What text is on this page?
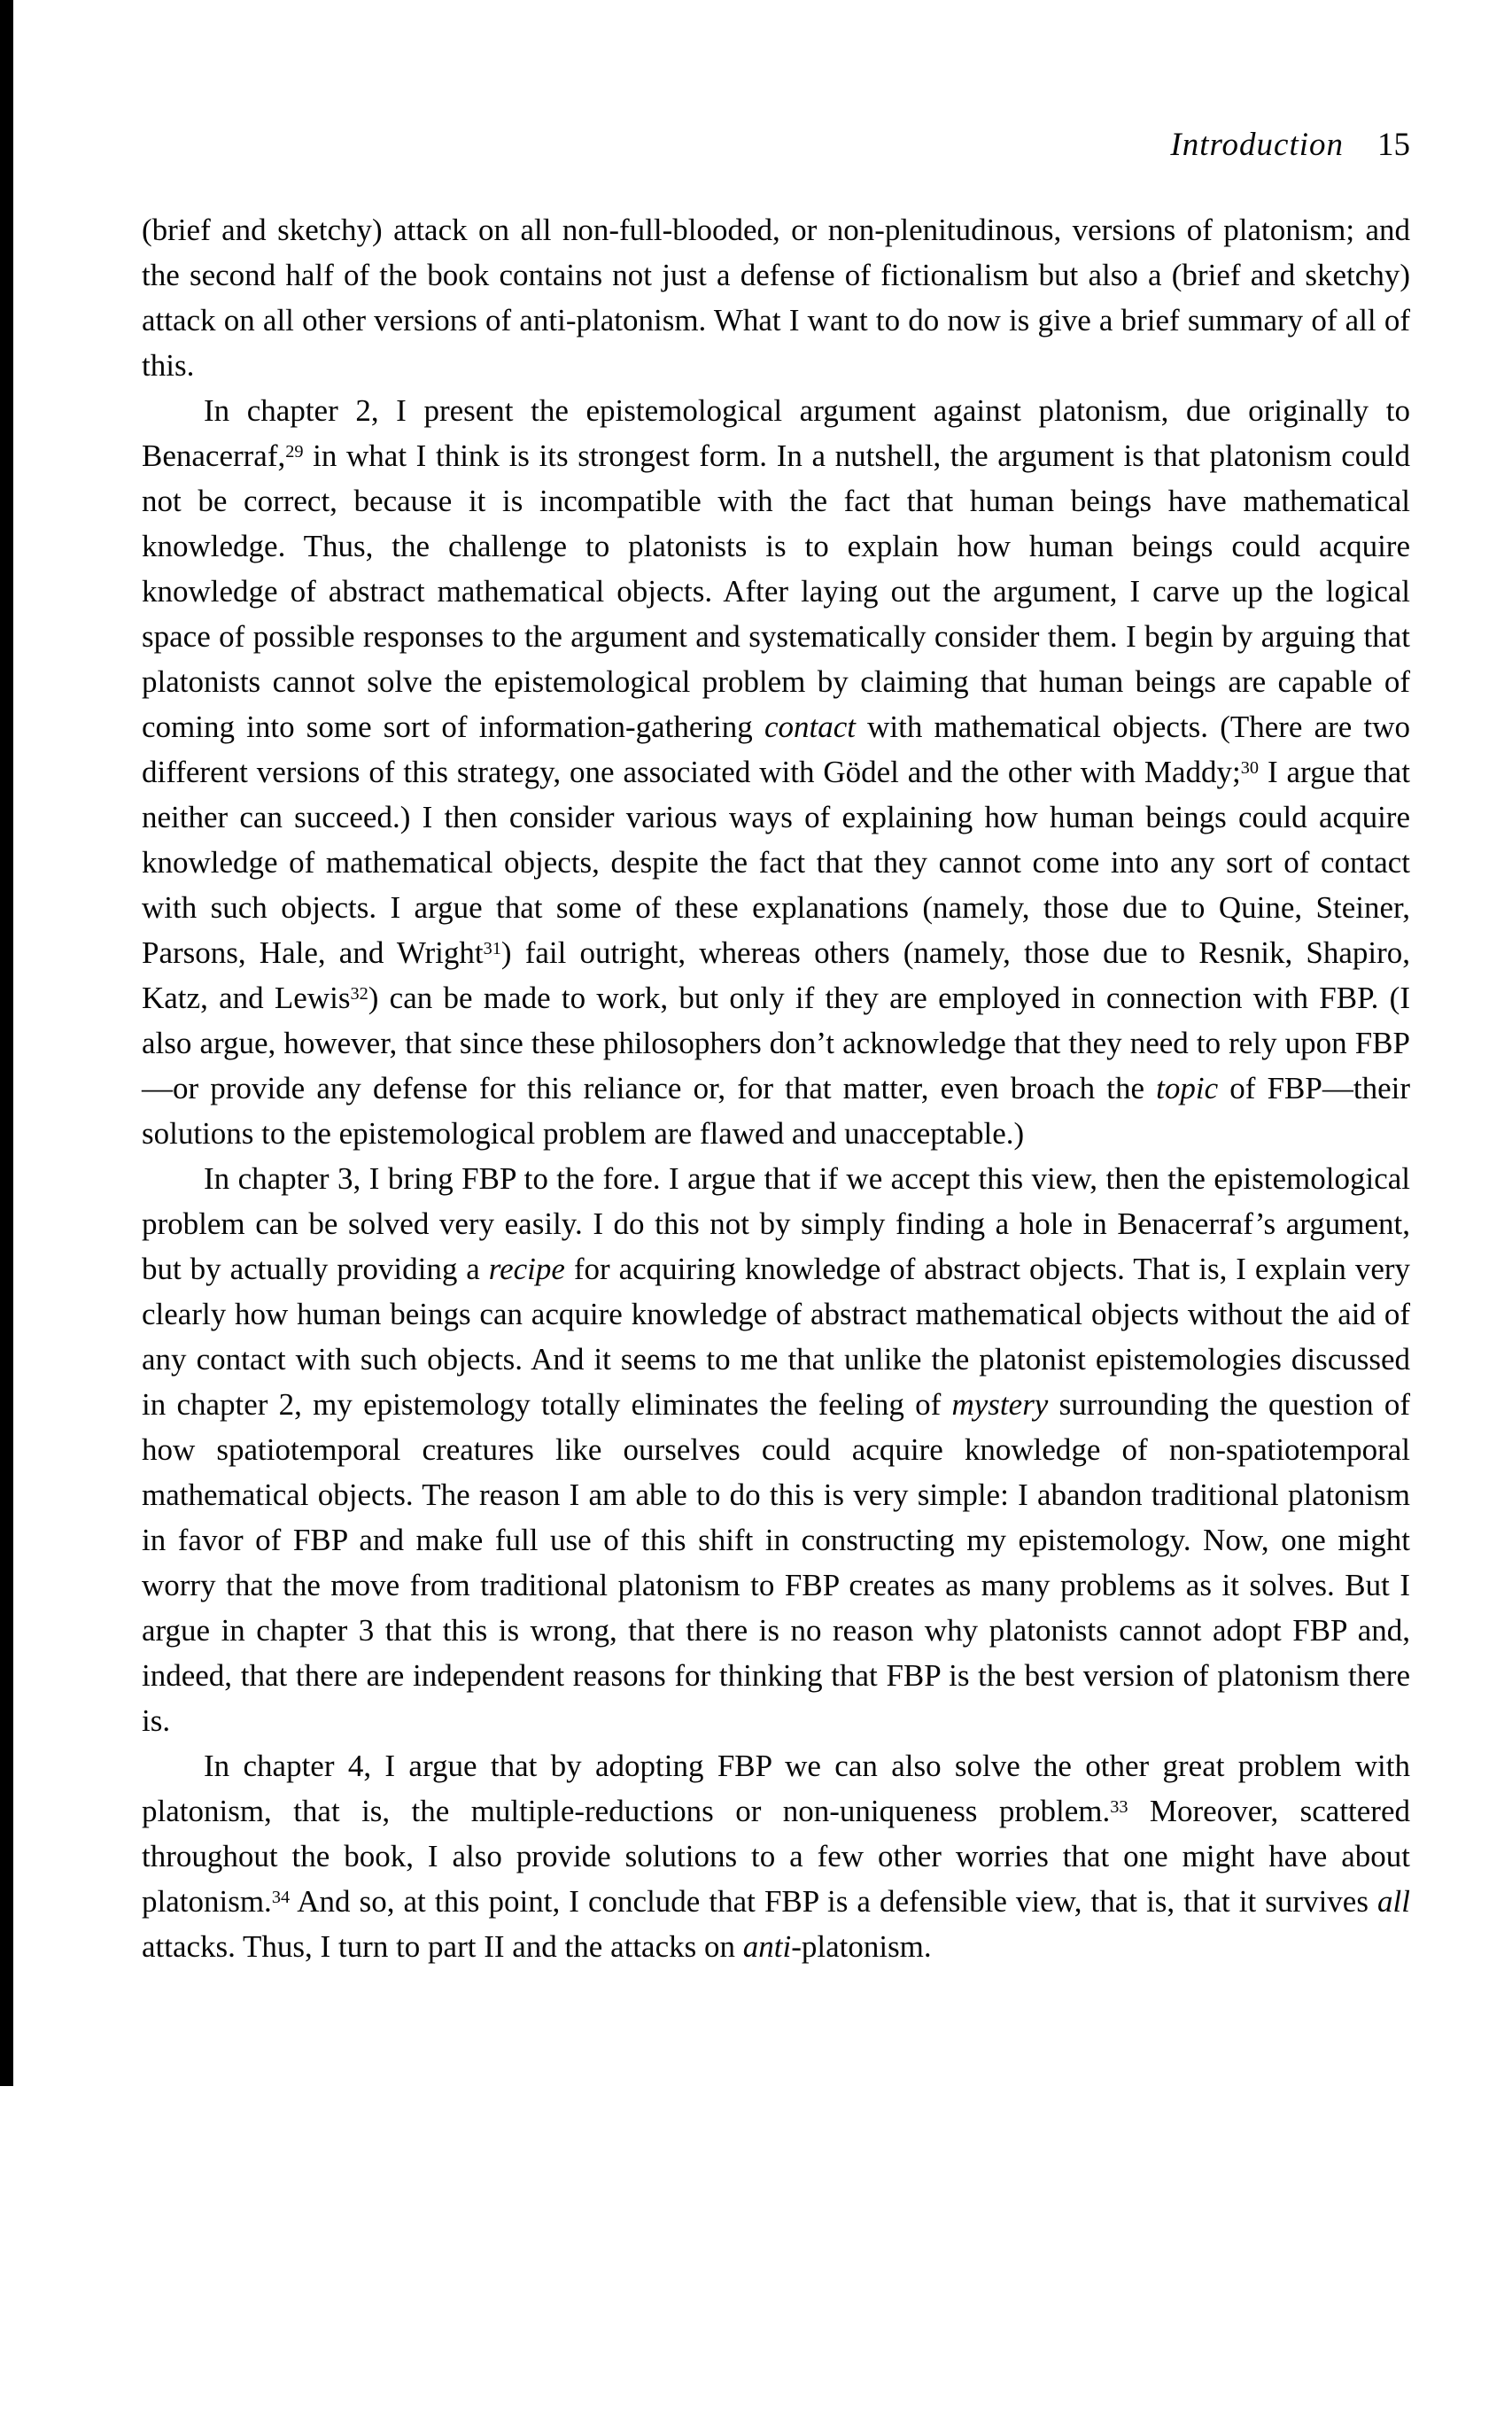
Introduction 15

(brief and sketchy) attack on all non-full-blooded, or non-plenitudinous, versions of platonism; and the second half of the book contains not just a defense of fictionalism but also a (brief and sketchy) attack on all other versions of anti-platonism. What I want to do now is give a brief summary of all of this.

In chapter 2, I present the epistemological argument against platonism, due originally to Benacerraf,$^{29}$ in what I think is its strongest form. In a nutshell, the argument is that platonism could not be correct, because it is incompatible with the fact that human beings have mathematical knowledge. Thus, the challenge to platonists is to explain how human beings could acquire knowledge of abstract mathematical objects. After laying out the argument, I carve up the logical space of possible responses to the argument and systematically consider them. I begin by arguing that platonists cannot solve the epistemological problem by claiming that human beings are capable of coming into some sort of information-gathering contact with mathematical objects. (There are two different versions of this strategy, one associated with Gödel and the other with Maddy;$^{30}$ I argue that neither can succeed.) I then consider various ways of explaining how human beings could acquire knowledge of mathematical objects, despite the fact that they cannot come into any sort of contact with such objects. I argue that some of these explanations (namely, those due to Quine, Steiner, Parsons, Hale, and Wright$^{31}$) fail outright, whereas others (namely, those due to Resnik, Shapiro, Katz, and Lewis$^{32}$) can be made to work, but only if they are employed in connection with FBP. (I also argue, however, that since these philosophers don’t acknowledge that they need to rely upon FBP—or provide any defense for this reliance or, for that matter, even broach the topic of FBP—their solutions to the epistemological problem are flawed and unacceptable.)

In chapter 3, I bring FBP to the fore. I argue that if we accept this view, then the epistemological problem can be solved very easily. I do this not by simply finding a hole in Benacerraf’s argument, but by actually providing a recipe for acquiring knowledge of abstract objects. That is, I explain very clearly how human beings can acquire knowledge of abstract mathematical objects without the aid of any contact with such objects. And it seems to me that unlike the platonist epistemologies discussed in chapter 2, my epistemology totally eliminates the feeling of mystery surrounding the question of how spatiotemporal creatures like ourselves could acquire knowledge of non-spatiotemporal mathematical objects. The reason I am able to do this is very simple: I abandon traditional platonism in favor of FBP and make full use of this shift in constructing my epistemology. Now, one might worry that the move from traditional platonism to FBP creates as many problems as it solves. But I argue in chapter 3 that this is wrong, that there is no reason why platonists cannot adopt FBP and, indeed, that there are independent reasons for thinking that FBP is the best version of platonism there is.

In chapter 4, I argue that by adopting FBP we can also solve the other great problem with platonism, that is, the multiple-reductions or non-uniqueness problem.$^{33}$ Moreover, scattered throughout the book, I also provide solutions to a few other worries that one might have about platonism.$^{34}$ And so, at this point, I conclude that FBP is a defensible view, that is, that it survives all attacks. Thus, I turn to part II and the attacks on anti-platonism.
